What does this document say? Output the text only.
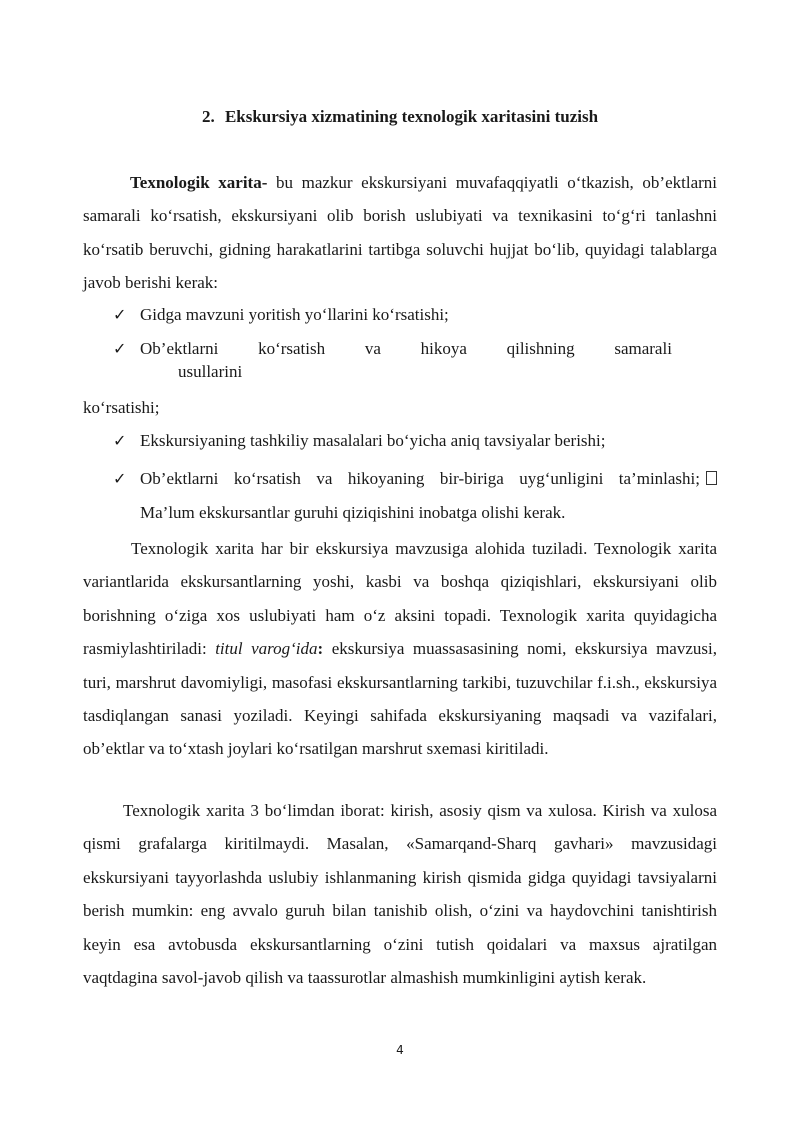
2. Ekskursiya xizmatining texnologik xaritasini tuzish

Texnologik xarita- bu mazkur ekskursiyani muvafaqqiyatli o‘tkazish, ob’ektlarni samarali ko‘rsatish, ekskursiyani olib borish uslubiyati va texnikasini to‘g‘ri tanlashni ko‘rsatib beruvchi, gidning harakatlarini tartibga soluvchi hujjat bo‘lib, quyidagi talablarga javob berishi kerak:

✓ Gidga mavzuni yoritish yo‘llarini ko‘rsatishi;
✓ Ob’ektlarni ko‘rsatish va hikoya qilishning samarali
usullarini
ko‘rsatishi;
✓ Ekskursiyaning tashkiliy masalalari bo‘yicha aniq tavsiyalar berishi;
✓ Ob’ektlarni ko‘rsatish va hikoyaning bir-biriga uyg‘unligini ta’minlashi;
Ma’lum ekskursantlar guruhi qiziqishini inobatga olishi kerak.

Texnologik xarita har bir ekskursiya mavzusiga alohida tuziladi. Texnologik xarita variantlarida ekskursantlarning yoshi, kasbi va boshqa qiziqishlari, ekskursiyani olib borishning o‘ziga xos uslubiyati ham o‘z aksini topadi. Texnologik xarita quyidagicha rasmiylashtiriladi: titul varog‘ida: ekskursiya muassasasining nomi, ekskursiya mavzusi, turi, marshrut davomiyligi, masofasi ekskursantlarning tarkibi, tuzuvchilar f.i.sh., ekskursiya tasdiqlangan sanasi yoziladi. Keyingi sahifada ekskursiyaning maqsadi va vazifalari, ob’ektlar va to‘xtash joylari ko‘rsatilgan marshrut sxemasi kiritiladi.

Texnologik xarita 3 bo‘limdan iborat: kirish, asosiy qism va xulosa. Kirish va xulosa qismi grafalarga kiritilmaydi. Masalan, «Samarqand-Sharq gavhari» mavzusidagi ekskursiyani tayyorlashda uslubiy ishlanmaning kirish qismida gidga quyidagi tavsiyalarni berish mumkin: eng avvalo guruh bilan tanishib olish, o‘zini va haydovchini tanishtirish keyin esa avtobusda ekskursantlarning o‘zini tutish qoidalari va maxsus ajratilgan vaqtdagina savol-javob qilish va taassurotlar almashish mumkinligini aytish kerak.

4
